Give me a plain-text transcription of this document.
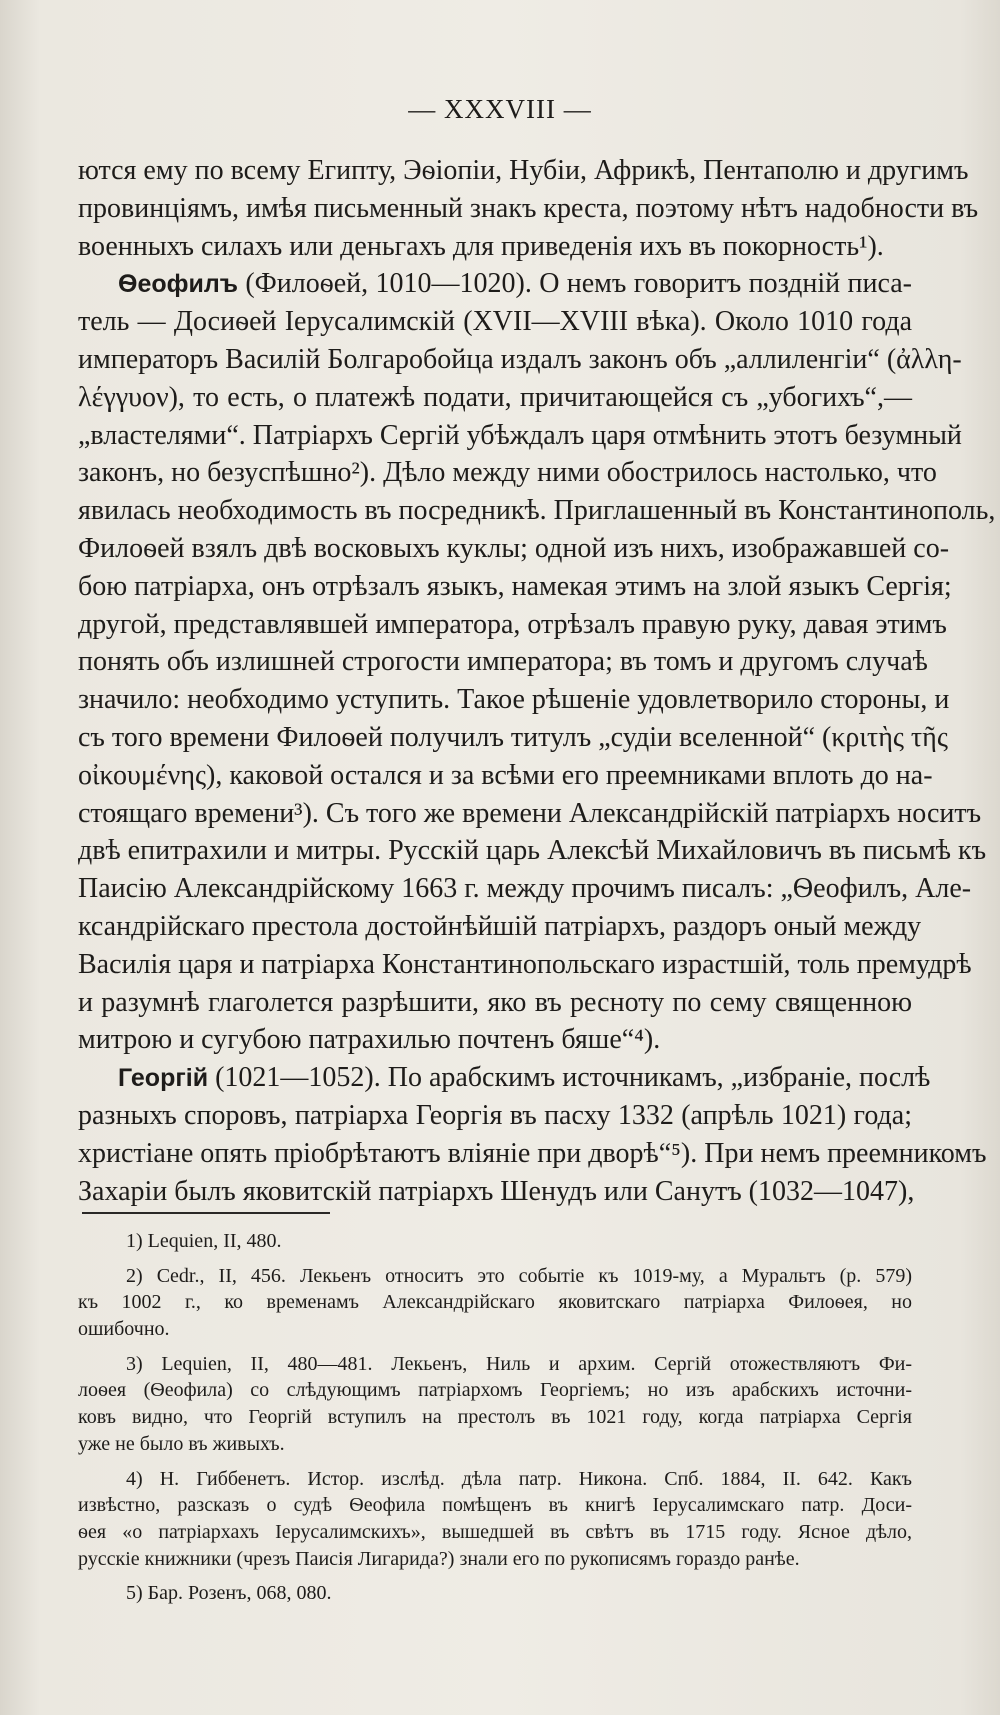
— XXXVIII —
ются ему по всему Египту, Эѳіопіи, Нубіи, Африкѣ, Пентаполю и другимъ
провинціямъ, имѣя письменный знакъ креста, поэтому нѣтъ надобности въ
военныхъ силахъ или деньгахъ для приведенія ихъ въ покорность¹).
Ѳеофилъ (Филоѳей, 1010—1020). О немъ говоритъ поздній писа-
тель — Досиѳей Іерусалимскій (XVII—XVIII вѣка). Около 1010 года
императоръ Василій Болгаробойца издалъ законъ объ „аллиленгіи“ (ἀλλη-
λέγγυον), то есть, о платежѣ подати, причитающейся съ „убогихъ“,—
„властелями“. Патріархъ Сергій убѣждалъ царя отмѣнить этотъ безумный
законъ, но безуспѣшно²). Дѣло между ними обострилось настолько, что
явилась необходимость въ посредникѣ. Приглашенный въ Константинополь,
Филоѳей взялъ двѣ восковыхъ куклы; одной изъ нихъ, изображавшей со-
бою патріарха, онъ отрѣзалъ языкъ, намекая этимъ на злой языкъ Сергія;
другой, представлявшей императора, отрѣзалъ правую руку, давая этимъ
понять объ излишней строгости императора; въ томъ и другомъ случаѣ
значило: необходимо уступить. Такое рѣшеніе удовлетворило стороны, и
съ того времени Филоѳей получилъ титулъ „судіи вселенной“ (κριτὴς τῆς
οἰκουμένης), каковой остался и за всѣми его преемниками вплоть до на-
стоящаго времени³). Съ того же времени Александрійскій патріархъ носитъ
двѣ епитрахили и митры. Русскій царь Алексѣй Михайловичъ въ письмѣ къ
Паисію Александрійскому 1663 г. между прочимъ писалъ: „Ѳеофилъ, Але-
ксандрійскаго престола достойнѣйшій патріархъ, раздоръ оный между
Василія царя и патріарха Константинопольскаго израстшій, толь премудрѣ
и разумнѣ глаголется разрѣшити, яко въ ресноту по сему священною
митрою и сугубою патрахилью почтенъ бяше“⁴).
Георгій (1021—1052). По арабскимъ источникамъ, „избраніе, послѣ
разныхъ споровъ, патріарха Георгія въ пасху 1332 (апрѣль 1021) года;
христіане опять пріобрѣтаютъ вліяніе при дворѣ“⁵). При немъ преемникомъ
Захаріи былъ яковитскій патріархъ Шенудъ или Санутъ (1032—1047),
1) Lequien, II, 480.
2) Cedr., II, 456. Лекьенъ относитъ это событіе къ 1019-му, а Муральтъ (p. 579)
къ 1002 г., ко временамъ Александрійскаго яковитскаго патріарха Филоѳея, но
ошибочно.
3) Lequien, II, 480—481. Лекьенъ, Ниль и архим. Сергій отожествляютъ Фи-
лоѳея (Ѳеофила) со слѣдующимъ патріархомъ Георгіемъ; но изъ арабскихъ источни-
ковъ видно, что Георгій вступилъ на престолъ въ 1021 году, когда патріарха Сергія
уже не было въ живыхъ.
4) Н. Гиббенетъ. Истор. изслѣд. дѣла патр. Никона. Спб. 1884, II. 642. Какъ
извѣстно, разсказъ о судѣ Ѳеофила помѣщенъ въ книгѣ Іерусалимскаго патр. Доси-
ѳея «о патріархахъ Іерусалимскихъ», вышедшей въ свѣтъ въ 1715 году. Ясное дѣло,
русскіе книжники (чрезъ Паисія Лигарида?) знали его по рукописямъ гораздо ранѣе.
5) Бар. Розенъ, 068, 080.
